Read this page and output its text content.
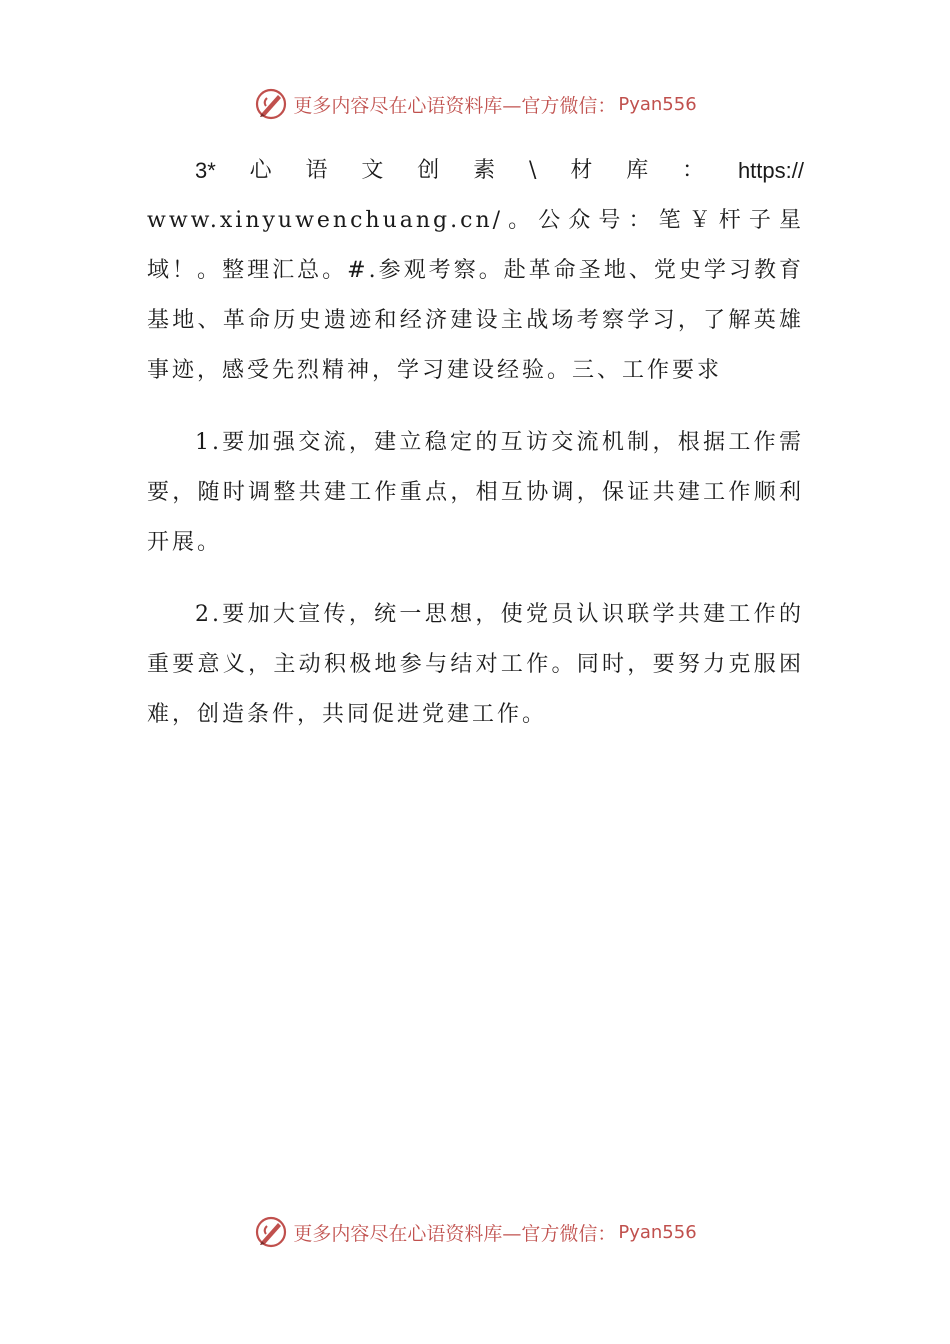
更多内容尽在心语资料库—官方微信： Pyan556
3* 心 语 文 创 素 \ 材 库 ： https://

www.xinyuwenchuang.cn/。公众号：笔￥杆子星域！。整理汇总。#.参观考察。赴革命圣地、党史学习教育基地、革命历史遗迹和经济建设主战场考察学习，了解英雄事迹，感受先烈精神，学习建设经验。三、工作要求

1.要加强交流，建立稳定的互访交流机制，根据工作需要，随时调整共建工作重点，相互协调，保证共建工作顺利开展。

2.要加大宣传，统一思想，使党员认识联学共建工作的重要意义，主动积极地参与结对工作。同时，要努力克服困难，创造条件，共同促进党建工作。

更多内容尽在心语资料库—官方微信： Pyan556
